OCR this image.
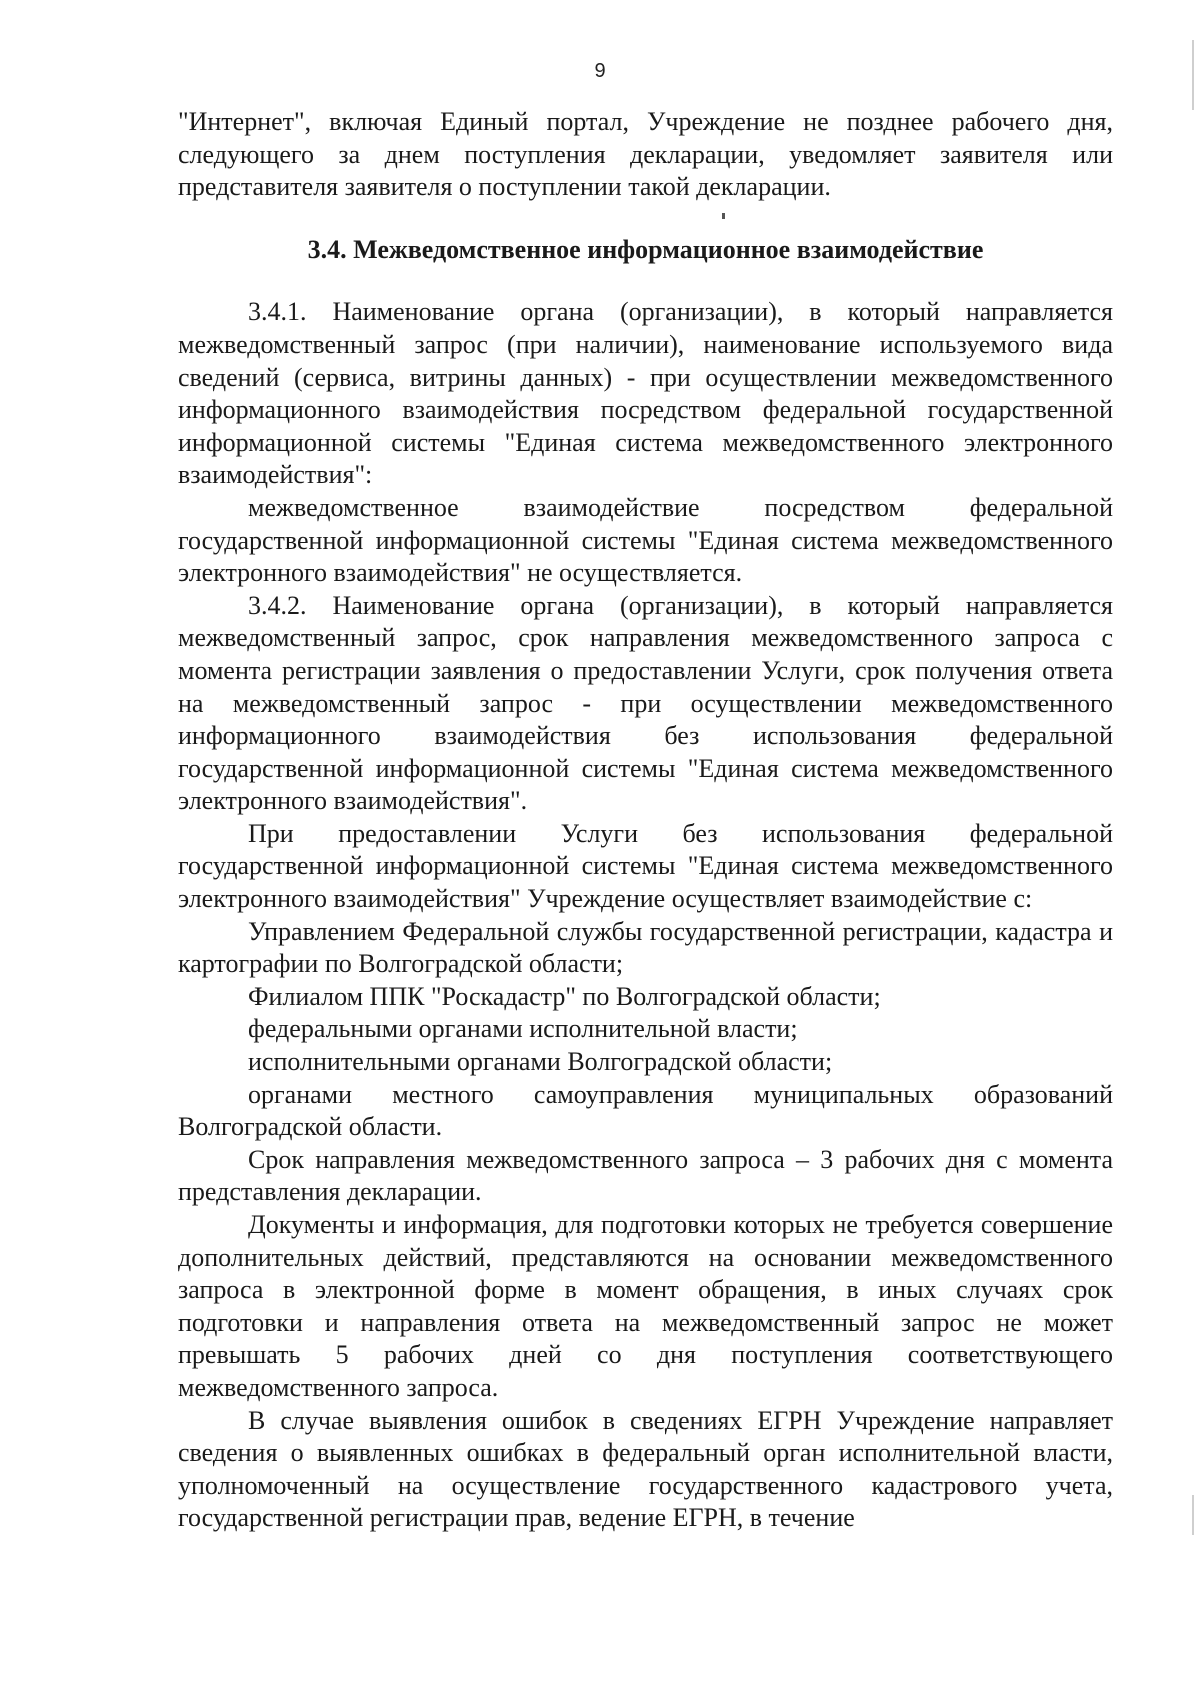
9

"Интернет", включая Единый портал, Учреждение не позднее рабочего дня, следующего за днем поступления декларации, уведомляет заявителя или представителя заявителя о поступлении такой декларации.

3.4. Межведомственное информационное взаимодействие

3.4.1. Наименование органа (организации), в который направляется межведомственный запрос (при наличии), наименование используемого вида сведений (сервиса, витрины данных) - при осуществлении межведомственного информационного взаимодействия посредством федеральной государственной информационной системы "Единая система межведомственного электронного взаимодействия":

межведомственное взаимодействие посредством федеральной государственной информационной системы "Единая система межведомственного электронного взаимодействия" не осуществляется.

3.4.2. Наименование органа (организации), в который направляется межведомственный запрос, срок направления межведомственного запроса с момента регистрации заявления о предоставлении Услуги, срок получения ответа на межведомственный запрос - при осуществлении межведомственного информационного взаимодействия без использования федеральной государственной информационной системы "Единая система межведомственного электронного взаимодействия".

При предоставлении Услуги без использования федеральной государственной информационной системы "Единая система межведомственного электронного взаимодействия" Учреждение осуществляет взаимодействие с:

Управлением Федеральной службы государственной регистрации, кадастра и картографии по Волгоградской области;

Филиалом ППК "Роскадастр" по Волгоградской области;

федеральными органами исполнительной власти;

исполнительными органами Волгоградской области;

органами местного самоуправления муниципальных образований Волгоградской области.

Срок направления межведомственного запроса – 3 рабочих дня с момента представления декларации.

Документы и информация, для подготовки которых не требуется совершение дополнительных действий, представляются на основании межведомственного запроса в электронной форме в момент обращения, в иных случаях срок подготовки и направления ответа на межведомственный запрос не может превышать 5 рабочих дней со дня поступления соответствующего межведомственного запроса.

В случае выявления ошибок в сведениях ЕГРН Учреждение направляет сведения о выявленных ошибках в федеральный орган исполнительной власти, уполномоченный на осуществление государственного кадастрового учета, государственной регистрации прав, ведение ЕГРН, в течение
